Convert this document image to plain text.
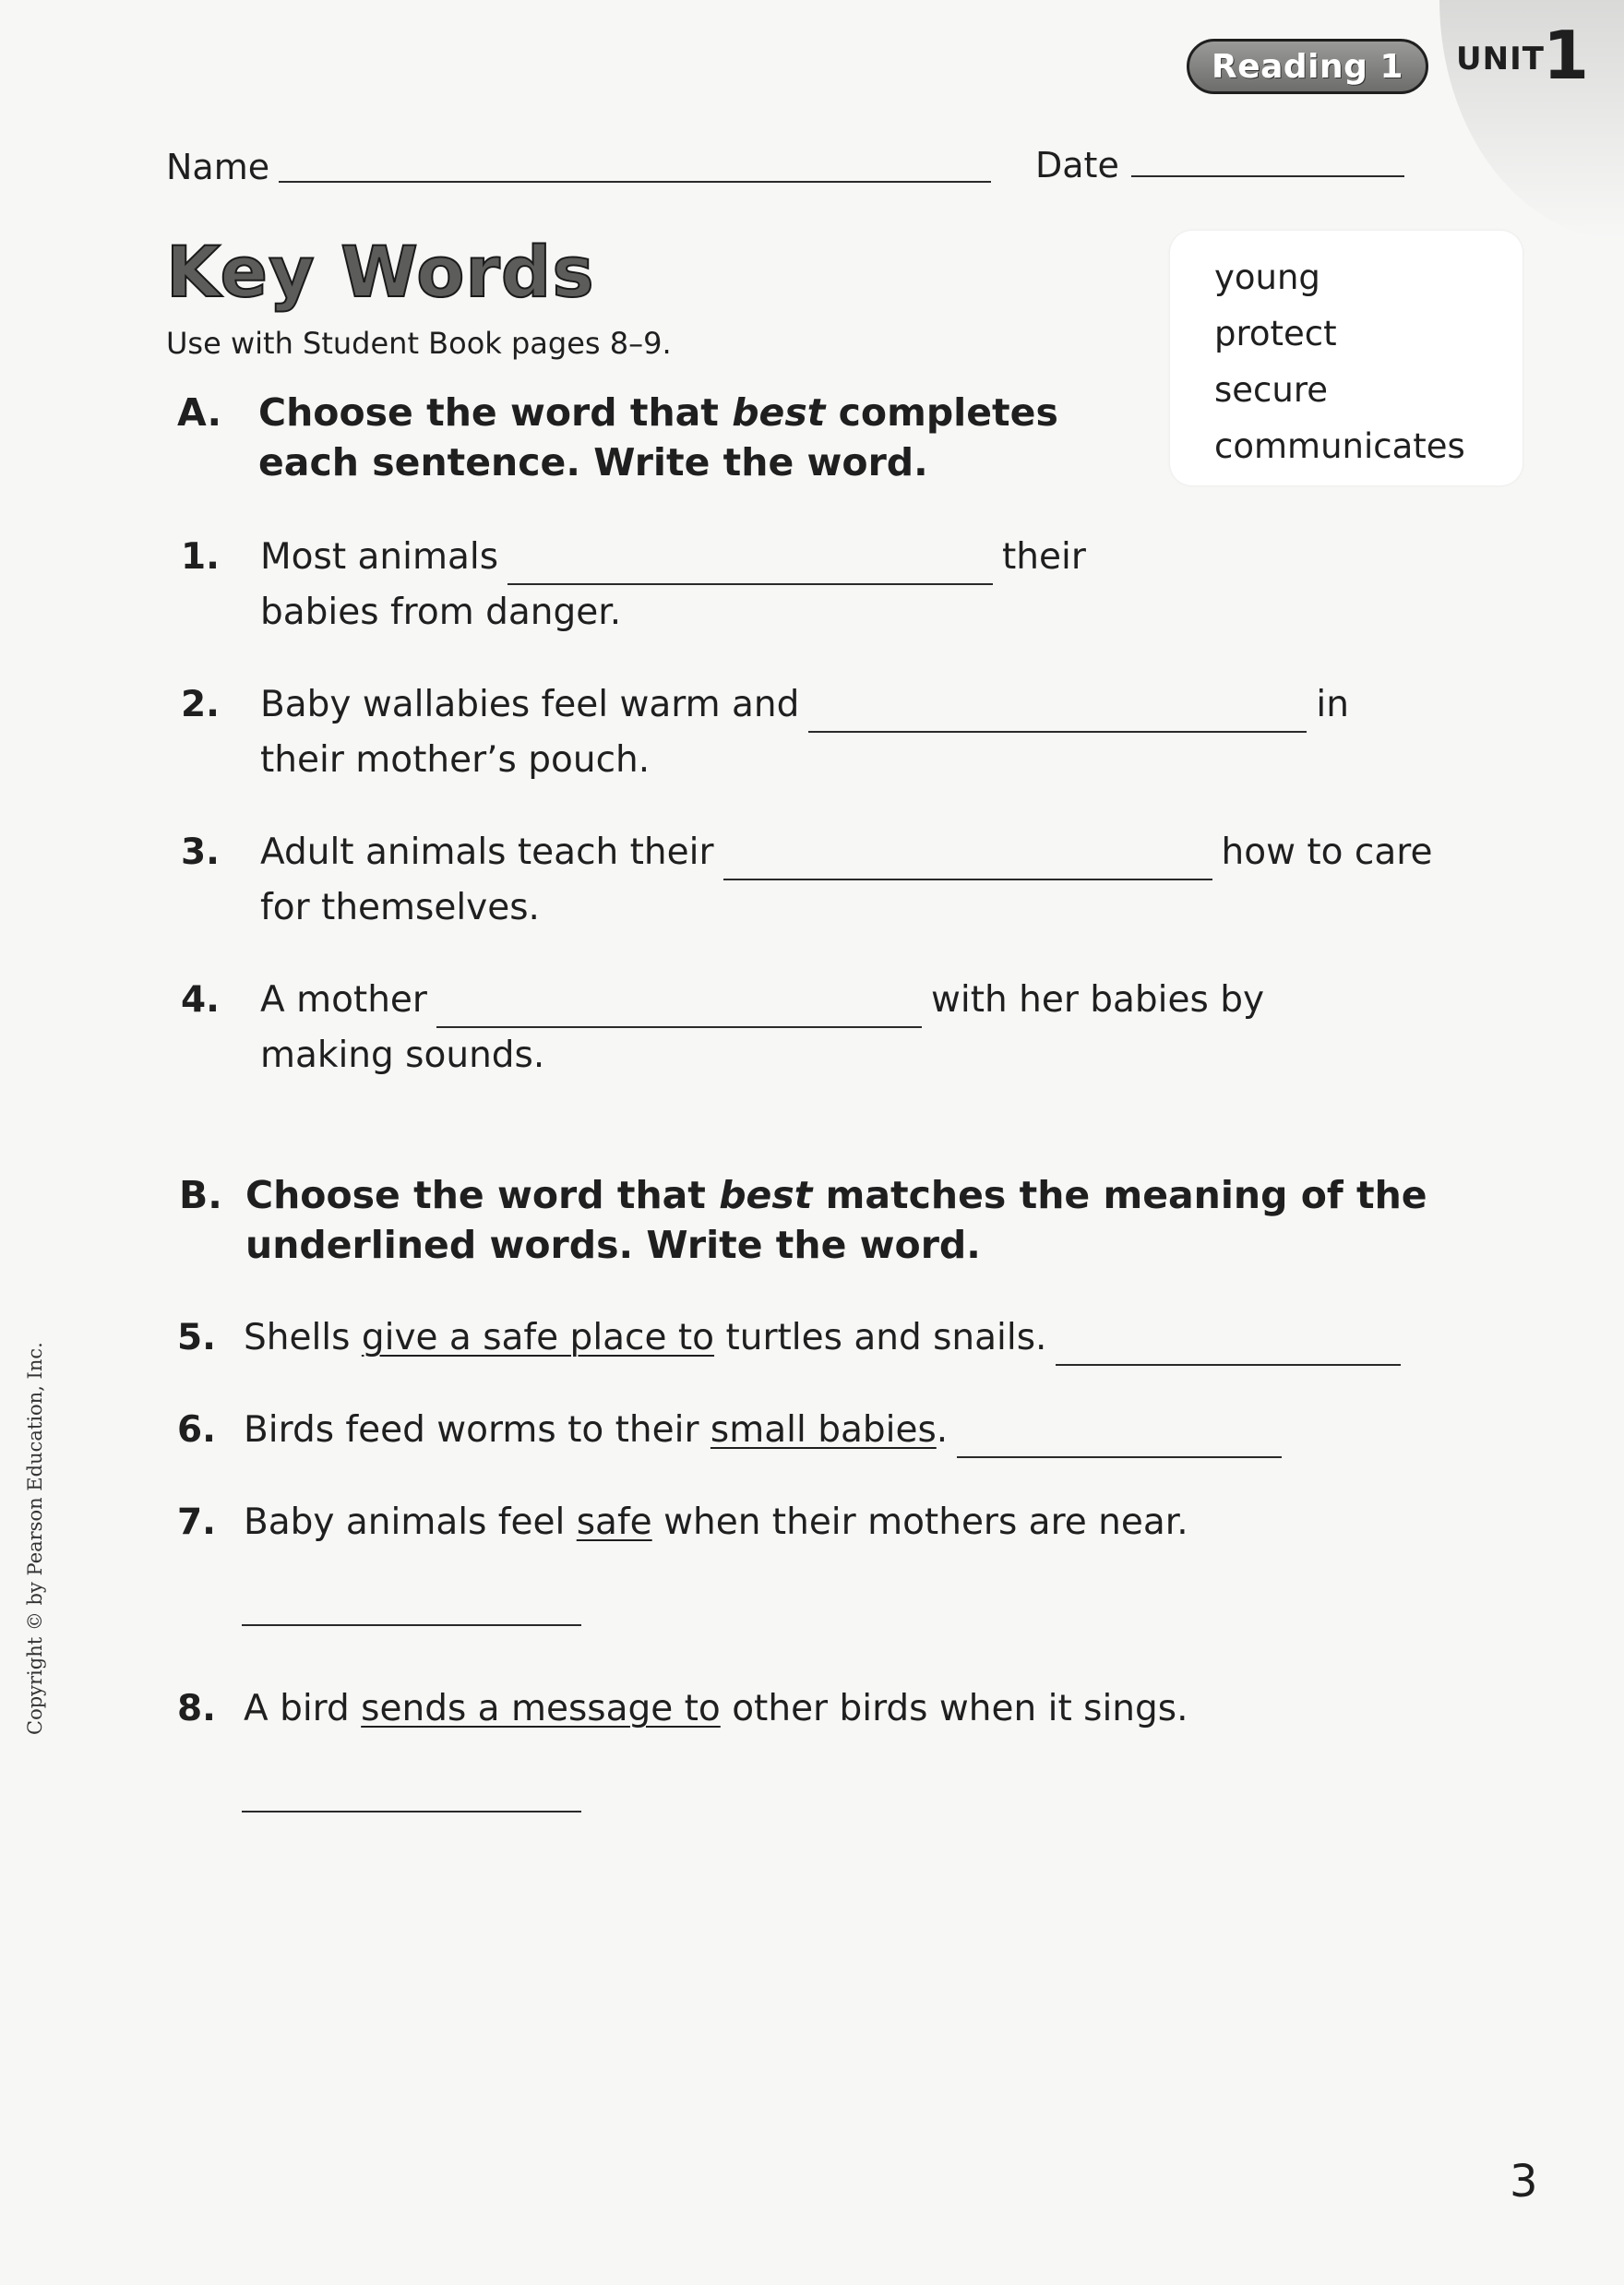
Reading 1	UNIT
1
Name	Date
Key Words
Use with Student Book pages 8–9.
young
protect
secure
communicates
A. Choose the word that best completes
each sentence. Write the word.
1. Most animals	their
babies from danger.
2. Baby wallabies feel warm and	in
their mother’s pouch.
3. Adult animals teach their	how to care
for themselves.
4. A mother	with her babies by
making sounds.
B. Choose the word that best matches the meaning of the
underlined words. Write the word.
5. Shells give a safe place to turtles and snails.
6. Birds feed worms to their small babies.
7. Baby animals feel safe when their mothers are near.
8. A bird sends a message to other birds when it sings.
Copyright © by Pearson Education, Inc.
3
